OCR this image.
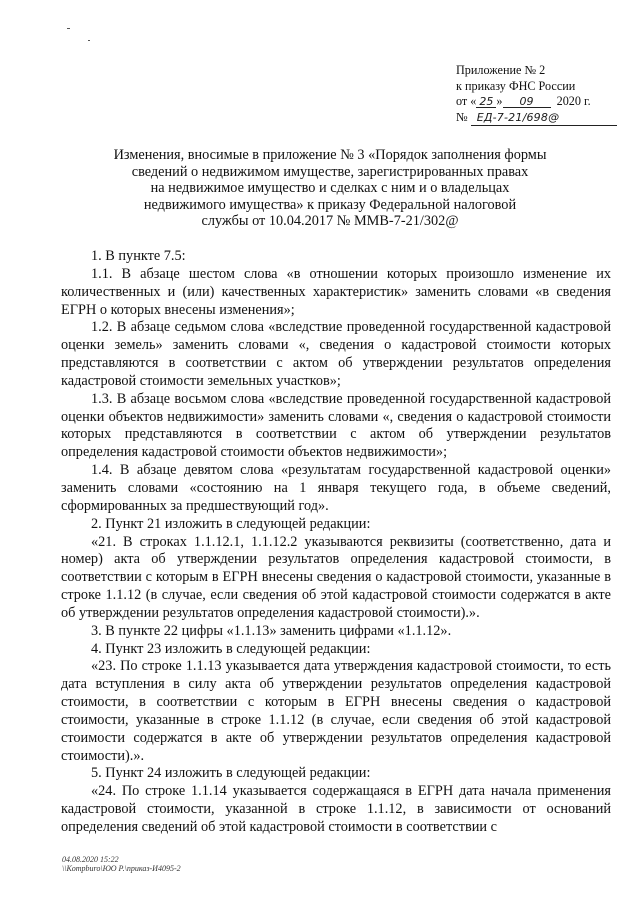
Приложение № 2
к приказу ФНС России
от « 25 » 09 2020 г.
№ ЕД-7-21/698@
Изменения, вносимые в приложение № 3 «Порядок заполнения формы
сведений о недвижимом имуществе, зарегистрированных правах
на недвижимое имущество и сделках с ним и о владельцах
недвижимого имущества» к приказу Федеральной налоговой
службы от 10.04.2017 № ММВ-7-21/302@

1. В пункте 7.5:

1.1. В абзаце шестом слова «в отношении которых произошло изменение их количественных и (или) качественных характеристик» заменить словами «в сведения ЕГРН о которых внесены изменения»;

1.2. В абзаце седьмом слова «вследствие проведенной государственной кадастровой оценки земель» заменить словами «, сведения о кадастровой стоимости которых представляются в соответствии с актом об утверждении результатов определения кадастровой стоимости земельных участков»;

1.3. В абзаце восьмом слова «вследствие проведенной государственной кадастровой оценки объектов недвижимости» заменить словами «, сведения о кадастровой стоимости которых представляются в соответствии с актом об утверждении результатов определения кадастровой стоимости объектов недвижимости»;

1.4. В абзаце девятом слова «результатам государственной кадастровой оценки» заменить словами «состоянию на 1 января текущего года, в объеме сведений, сформированных за предшествующий год».

2. Пункт 21 изложить в следующей редакции:

«21. В строках 1.1.12.1, 1.1.12.2 указываются реквизиты (соответственно, дата и номер) акта об утверждении результатов определения кадастровой стоимости, в соответствии с которым в ЕГРН внесены сведения о кадастровой стоимости, указанные в строке 1.1.12 (в случае, если сведения об этой кадастровой стоимости содержатся в акте об утверждении результатов определения кадастровой стоимости).».

3. В пункте 22 цифры «1.1.13» заменить цифрами «1.1.12».

4. Пункт 23 изложить в следующей редакции:

«23. По строке 1.1.13 указывается дата утверждения кадастровой стоимости, то есть дата вступления в силу акта об утверждении результатов определения кадастровой стоимости, в соответствии с которым в ЕГРН внесены сведения о кадастровой стоимости, указанные в строке 1.1.12 (в случае, если сведения об этой кадастровой стоимости содержатся в акте об утверждении результатов определения кадастровой стоимости).».

5. Пункт 24 изложить в следующей редакции:

«24. По строке 1.1.14 указывается содержащаяся в ЕГРН дата начала применения кадастровой стоимости, указанной в строке 1.1.12, в зависимости от оснований определения сведений об этой кадастровой стоимости в соответствии с

04.08.2020 15:22
\\Kompburo\ЮО Р.\приказ-И4095-2
